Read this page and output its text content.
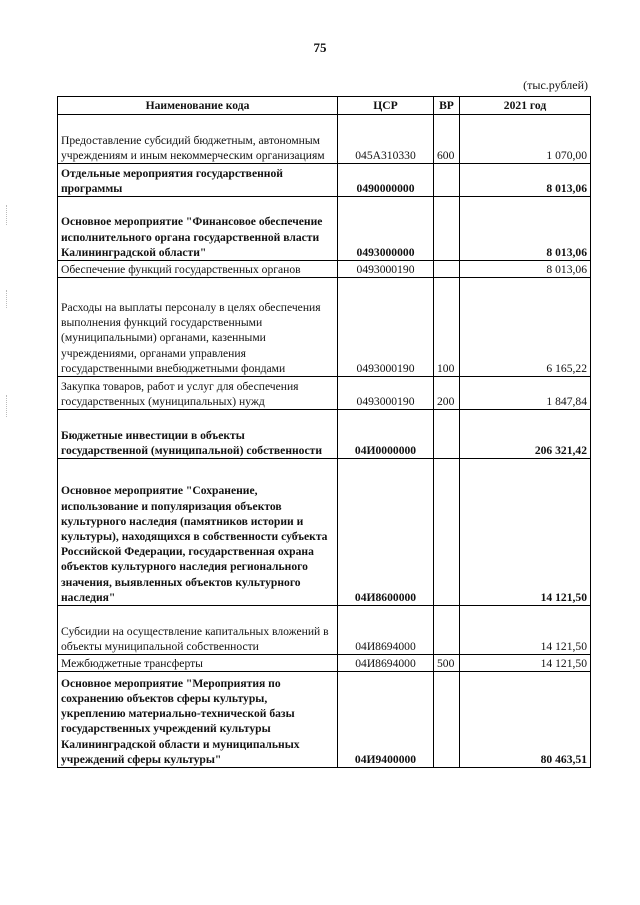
75
(тыс.рублей)
Наименование кода	ЦСР	ВР	2021 год
Предоставление субсидий бюджетным, автономным учреждениям и иным некоммерческим организациям	045А310330	600	1 070,00
Отдельные мероприятия государственной программы	0490000000		8 013,06
Основное мероприятие "Финансовое обеспечение исполнительного органа государственной власти Калининградской области"	0493000000		8 013,06
Обеспечение функций государственных органов	0493000190		8 013,06
Расходы на выплаты персоналу в целях обеспечения выполнения функций государственными (муниципальными) органами, казенными учреждениями, органами управления государственными внебюджетными фондами	0493000190	100	6 165,22
Закупка товаров, работ и услуг для обеспечения государственных (муниципальных) нужд	0493000190	200	1 847,84
Бюджетные инвестиции в объекты государственной (муниципальной) собственности	04И0000000		206 321,42
Основное мероприятие "Сохранение, использование и популяризация объектов культурного наследия (памятников истории и культуры), находящихся в собственности субъекта Российской Федерации, государственная охрана объектов культурного наследия регионального значения, выявленных объектов культурного наследия"	04И8600000		14 121,50
Субсидии на осуществление капитальных вложений в объекты муниципальной собственности	04И8694000		14 121,50
Межбюджетные трансферты	04И8694000	500	14 121,50
Основное мероприятие "Мероприятия по сохранению объектов сферы культуры, укреплению материально-технической базы государственных учреждений культуры Калининградской области и муниципальных учреждений сферы культуры"	04И9400000		80 463,51
